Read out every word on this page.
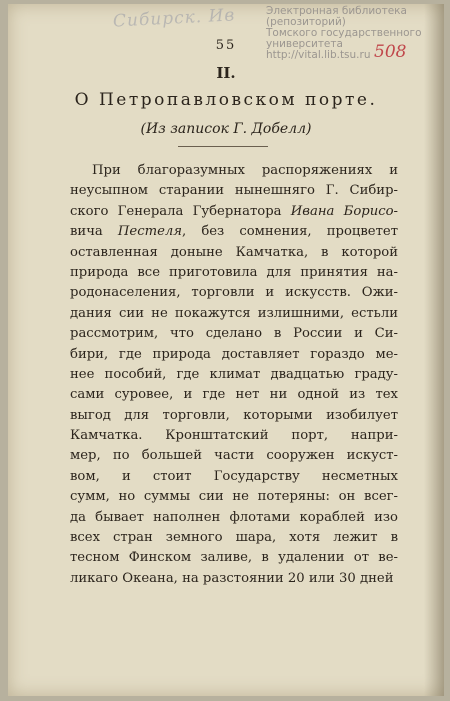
Сибирск. Ив	Электронная библиотека (репозиторий)
Томского государственного университета
http://vital.lib.tsu.ru 508
55
II.
О Петропавловском порте.
(Из записок Г. Добелл)
При благоразумных распоряжениях и
неусыпном старании нынешняго Г. Сибир-
ского Генерала Губернатора Ивана Борисо-
вича Пестеля, без сомнения, процветет
оставленная доныне Камчатка, в которой
природа все приготовила для принятия на-
родонаселения, торговли и искусств. Ожи-
дания сии не покажутся излишними, естьли
рассмотрим, что сделано в России и Си-
бири, где природа доставляет гораздо ме-
нее пособий, где климат двадцатью граду-
сами суровее, и где нет ни одной из тех
выгод для торговли, которыми изобилует
Камчатка. Кронштатский порт, напри-
мер, по большей части сооружен искуст-
вом, и стоит Государству несметных
сумм, но суммы сии не потеряны: он всег-
да бывает наполнен флотами кораблей изо
всех стран земного шара, хотя лежит в
тесном Финском заливе, в удалении от ве-
ликаго Океана, на разстоянии 20 или 30 дней
